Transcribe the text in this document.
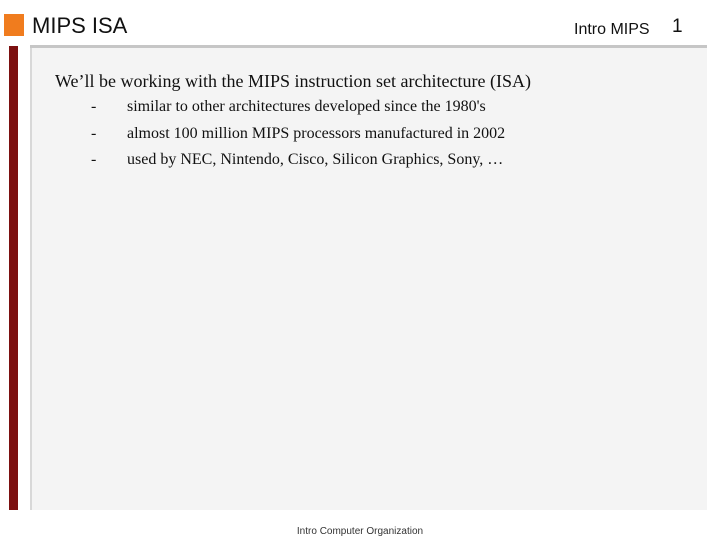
MIPS ISA	Intro MIPS 1
We’ll be working with the MIPS instruction set architecture (ISA)
- similar to other architectures developed since the 1980's
- almost 100 million MIPS processors manufactured in 2002
- used by NEC, Nintendo, Cisco, Silicon Graphics, Sony, …
Intro Computer Organization
